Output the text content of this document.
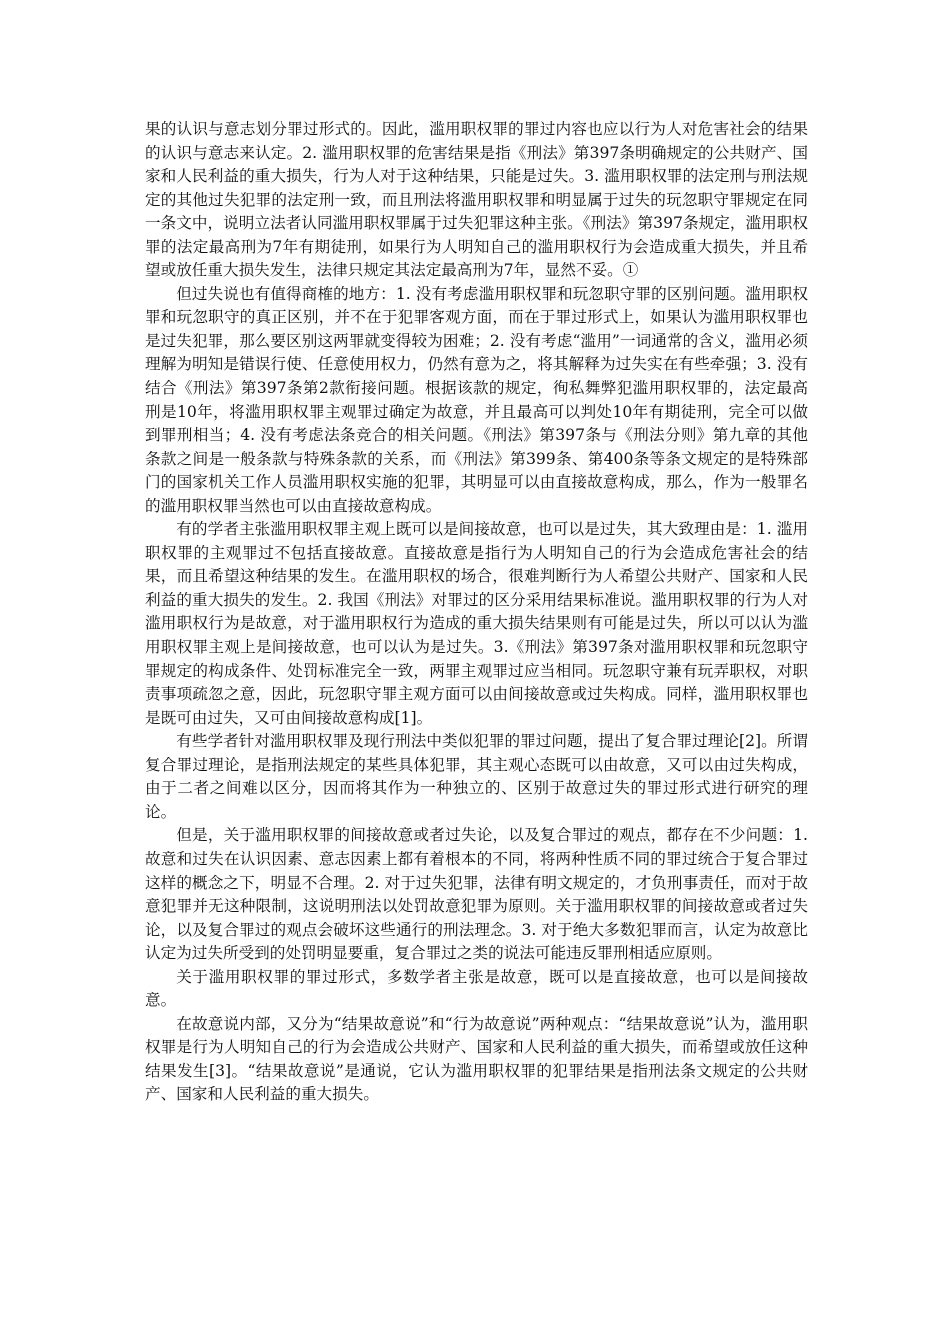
果的认识与意志划分罪过形式的。因此，滥用职权罪的罪过内容也应以行为人对危害社会的结果的认识与意志来认定。2. 滥用职权罪的危害结果是指《刑法》第397条明确规定的公共财产、国家和人民利益的重大损失，行为人对于这种结果，只能是过失。3. 滥用职权罪的法定刑与刑法规定的其他过失犯罪的法定刑一致，而且刑法将滥用职权罪和明显属于过失的玩忽职守罪规定在同一条文中，说明立法者认同滥用职权罪属于过失犯罪这种主张。《刑法》第397条规定，滥用职权罪的法定最高刑为7年有期徒刑，如果行为人明知自己的滥用职权行为会造成重大损失，并且希望或放任重大损失发生，法律只规定其法定最高刑为7年，显然不妥。①

但过失说也有值得商榷的地方：1. 没有考虑滥用职权罪和玩忽职守罪的区别问题。滥用职权罪和玩忽职守的真正区别，并不在于犯罪客观方面，而在于罪过形式上，如果认为滥用职权罪也是过失犯罪，那么要区别这两罪就变得较为困难；2. 没有考虑“滥用”一词通常的含义，滥用必须理解为明知是错误行使、任意使用权力，仍然有意为之，将其解释为过失实在有些牵强；3. 没有结合《刑法》第397条第2款衔接问题。根据该款的规定，徇私舞弊犯滥用职权罪的，法定最高刑是10年，将滥用职权罪主观罪过确定为故意，并且最高可以判处10年有期徒刑，完全可以做到罪刑相当；4. 没有考虑法条竞合的相关问题。《刑法》第397条与《刑法分则》第九章的其他条款之间是一般条款与特殊条款的关系，而《刑法》第399条、第400条等条文规定的是特殊部门的国家机关工作人员滥用职权实施的犯罪，其明显可以由直接故意构成，那么，作为一般罪名的滥用职权罪当然也可以由直接故意构成。

有的学者主张滥用职权罪主观上既可以是间接故意，也可以是过失，其大致理由是：1. 滥用职权罪的主观罪过不包括直接故意。直接故意是指行为人明知自己的行为会造成危害社会的结果，而且希望这种结果的发生。在滥用职权的场合，很难判断行为人希望公共财产、国家和人民利益的重大损失的发生。2. 我国《刑法》对罪过的区分采用结果标准说。滥用职权罪的行为人对滥用职权行为是故意，对于滥用职权行为造成的重大损失结果则有可能是过失，所以可以认为滥用职权罪主观上是间接故意，也可以认为是过失。3.《刑法》第397条对滥用职权罪和玩忽职守罪规定的构成条件、处罚标准完全一致，两罪主观罪过应当相同。玩忽职守兼有玩弄职权，对职责事项疏忽之意，因此，玩忽职守罪主观方面可以由间接故意或过失构成。同样，滥用职权罪也是既可由过失，又可由间接故意构成[1]。

有些学者针对滥用职权罪及现行刑法中类似犯罪的罪过问题，提出了复合罪过理论[2]。所谓复合罪过理论，是指刑法规定的某些具体犯罪，其主观心态既可以由故意，又可以由过失构成，由于二者之间难以区分，因而将其作为一种独立的、区别于故意过失的罪过形式进行研究的理论。

但是，关于滥用职权罪的间接故意或者过失论，以及复合罪过的观点，都存在不少问题：1. 故意和过失在认识因素、意志因素上都有着根本的不同，将两种性质不同的罪过统合于复合罪过这样的概念之下，明显不合理。2. 对于过失犯罪，法律有明文规定的，才负刑事责任，而对于故意犯罪并无这种限制，这说明刑法以处罚故意犯罪为原则。关于滥用职权罪的间接故意或者过失论，以及复合罪过的观点会破坏这些通行的刑法理念。3. 对于绝大多数犯罪而言，认定为故意比认定为过失所受到的处罚明显要重，复合罪过之类的说法可能违反罪刑相适应原则。

关于滥用职权罪的罪过形式，多数学者主张是故意，既可以是直接故意，也可以是间接故意。

在故意说内部，又分为“结果故意说”和“行为故意说”两种观点：“结果故意说”认为，滥用职权罪是行为人明知自己的行为会造成公共财产、国家和人民利益的重大损失，而希望或放任这种结果发生[3]。“结果故意说”是通说，它认为滥用职权罪的犯罪结果是指刑法条文规定的公共财产、国家和人民利益的重大损失。
